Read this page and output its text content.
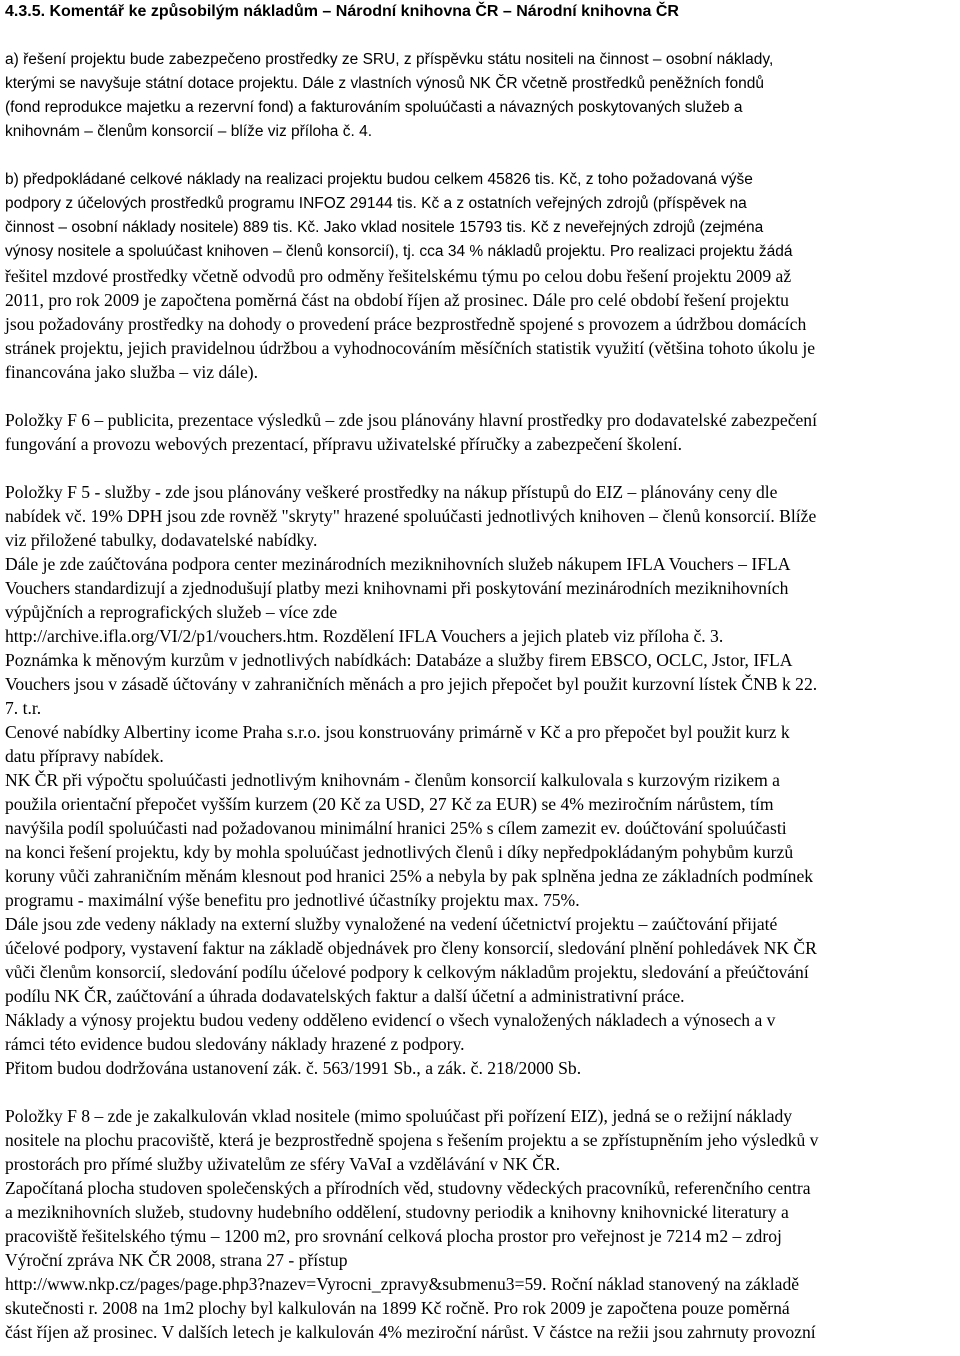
4.3.5. Komentář ke způsobilým nákladům – Národní knihovna ČR – Národní knihovna ČR
a) řešení projektu bude zabezpečeno prostředky ze SRU, z příspěvku státu nositeli na činnost – osobní náklady,
kterými se navyšuje státní dotace projektu. Dále z vlastních výnosů NK ČR včetně prostředků peněžních fondů
(fond reprodukce majetku a rezervní fond) a fakturováním spoluúčasti a návazných poskytovaných služeb a
knihovnám – členům konsorcií – blíže viz příloha č. 4.
b) předpokládané celkové náklady na realizaci projektu budou celkem 45826 tis. Kč, z toho požadovaná výše
podpory z účelových prostředků programu INFOZ 29144 tis. Kč a z ostatních veřejných zdrojů (příspěvek na
činnost – osobní náklady nositele) 889 tis. Kč. Jako vklad nositele 15793 tis. Kč z neveřejných zdrojů (zejména
výnosy nositele a spoluúčast knihoven – členů konsorcií), tj. cca 34 % nákladů projektu. Pro realizaci projektu žádá
řešitel mzdové prostředky včetně odvodů pro odměny řešitelskému týmu po celou dobu řešení projektu 2009 až
2011, pro rok 2009 je započtena poměrná část na období říjen až prosinec. Dále pro celé období řešení projektu
jsou požadovány prostředky na dohody o provedení práce bezprostředně spojené s provozem a údržbou domácích
stránek projektu, jejich pravidelnou údržbou a vyhodnocováním měsíčních statistik využití (většina tohoto úkolu je
financována jako služba – viz dále).
Položky F 6 – publicita, prezentace výsledků – zde jsou plánovány hlavní prostředky pro dodavatelské zabezpečení
fungování a provozu webových prezentací, přípravu uživatelské příručky a zabezpečení školení.
Položky F 5 - služby - zde jsou plánovány veškeré prostředky na nákup přístupů do EIZ – plánovány ceny dle
nabídek vč. 19% DPH jsou zde rovněž "skryty" hrazené spoluúčasti jednotlivých knihoven – členů konsorcií. Blíže
viz přiložené tabulky, dodavatelské nabídky.
Dále je zde zaúčtována podpora center mezinárodních meziknihovních služeb nákupem IFLA Vouchers – IFLA
Vouchers standardizují a zjednodušují platby mezi knihovnami při poskytování mezinárodních meziknihovních
výpůjčních a reprografických služeb – více zde
http://archive.ifla.org/VI/2/p1/vouchers.htm. Rozdělení IFLA Vouchers a jejich plateb viz příloha č. 3.
Poznámka k měnovým kurzům v jednotlivých nabídkách: Databáze a služby firem EBSCO, OCLC, Jstor, IFLA
Vouchers jsou v zásadě účtovány v zahraničních měnách a pro jejich přepočet byl použit kurzovní lístek ČNB k 22.
7. t.r.
Cenové nabídky Albertiny icome Praha s.r.o. jsou konstruovány primárně v Kč a pro přepočet byl použit kurz k
datu přípravy nabídek.
NK ČR při výpočtu spoluúčasti jednotlivým knihovnám - členům konsorcií kalkulovala s kurzovým rizikem a
použila orientační přepočet vyšším kurzem (20 Kč za USD, 27 Kč za EUR) se 4% meziročním nárůstem, tím
navýšila podíl spoluúčasti nad požadovanou minimální hranici 25% s cílem zamezit ev. doúčtování spoluúčasti
na konci řešení projektu, kdy by mohla spoluúčast jednotlivých členů i díky nepředpokládaným pohybům kurzů
koruny vůči zahraničním měnám klesnout pod hranici 25% a nebyla by pak splněna jedna ze základních podmínek
programu - maximální výše benefitu pro jednotlivé účastníky projektu max. 75%.
Dále jsou zde vedeny náklady na externí služby vynaložené na vedení účetnictví projektu – zaúčtování přijaté
účelové podpory, vystavení faktur na základě objednávek pro členy konsorcií, sledování plnění pohledávek NK ČR
vůči členům konsorcií, sledování podílu účelové podpory k celkovým nákladům projektu, sledování a přeúčtování
podílu NK ČR, zaúčtování a úhrada dodavatelských faktur a další účetní a administrativní práce.
Náklady a výnosy projektu budou vedeny odděleno evidencí o všech vynaložených nákladech a výnosech a v
rámci této evidence budou sledovány náklady hrazené z podpory.
Přitom budou dodržována ustanovení zák. č. 563/1991 Sb., a zák. č. 218/2000 Sb.
Položky F 8 – zde je zakalkulován vklad nositele (mimo spoluúčast při pořízení EIZ), jedná se o režijní náklady
nositele na plochu pracoviště, která je bezprostředně spojena s řešením projektu a se zpřístupněním jeho výsledků v
prostorách pro přímé služby uživatelům ze sféry VaVaI a vzdělávání v NK ČR.
Započítaná plocha studoven společenských a přírodních věd, studovny vědeckých pracovníků, referenčního centra
a meziknihovních služeb, studovny hudebního oddělení, studovny periodik a knihovny knihovnické literatury a
pracoviště řešitelského týmu – 1200 m2, pro srovnání celková plocha prostor pro veřejnost je 7214 m2 – zdroj
Výroční zpráva NK ČR 2008, strana 27 - přístup
http://www.nkp.cz/pages/page.php3?nazev=Vyrocni_zpravy&submenu3=59. Roční náklad stanovený na základě
skutečnosti r. 2008 na 1m2 plochy byl kalkulován na 1899 Kč ročně. Pro rok 2009 je započtena pouze poměrná
část říjen až prosinec. V dalších letech je kalkulován 4% meziroční nárůst. V částce na režii jsou zahrnuty provozní
